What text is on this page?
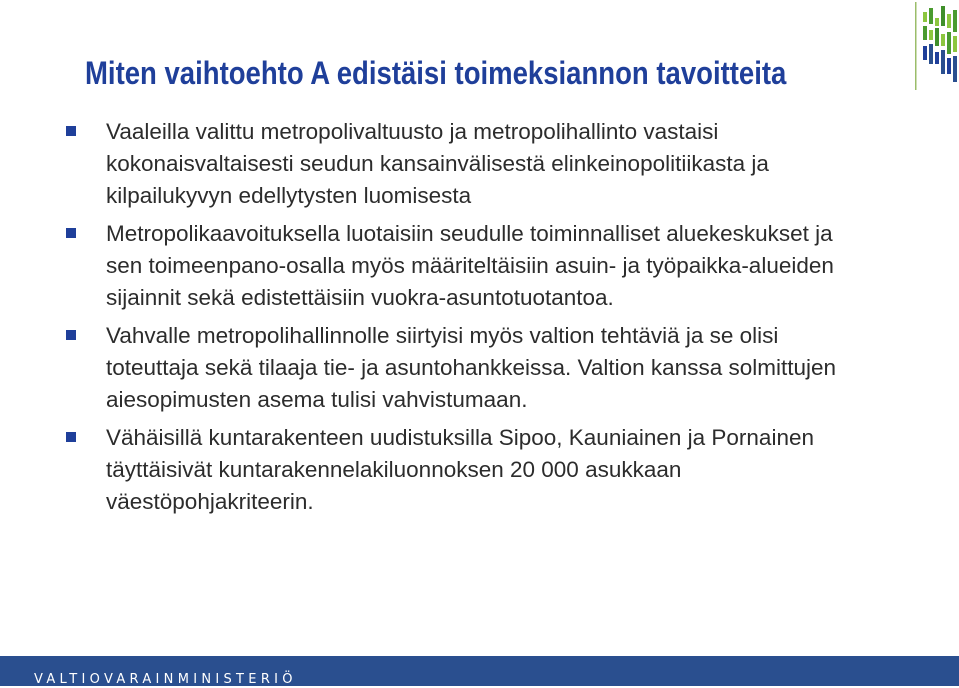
Miten vaihtoehto A edistäisi toimeksiannon tavoitteita
Vaaleilla valittu metropolivaltuusto ja metropolihallinto vastaisi kokonaisvaltaisesti seudun kansainvälisestä elinkeinopolitiikasta ja kilpailukyvyn edellytysten luomisesta
Metropolikaavoituksella luotaisiin seudulle toiminnalliset aluekeskukset ja sen toimeenpano-osalla myös määriteltäisiin asuin- ja työpaikka-alueiden sijainnit sekä edistettäisiin vuokra-asuntotuotantoa.
Vahvalle metropolihallinnolle siirtyisi myös valtion tehtäviä ja se olisi toteuttaja sekä tilaaja tie- ja asuntohankkeissa. Valtion kanssa solmittujen aiesopimusten asema tulisi vahvistumaan.
Vähäisillä kuntarakenteen uudistuksilla Sipoo, Kauniainen ja Pornainen täyttäisivät kuntarakennelakiluonnoksen 20 000 asukkaan väestöpohjakriteerin.

VALTIOVARAINMINISTERIÖ
